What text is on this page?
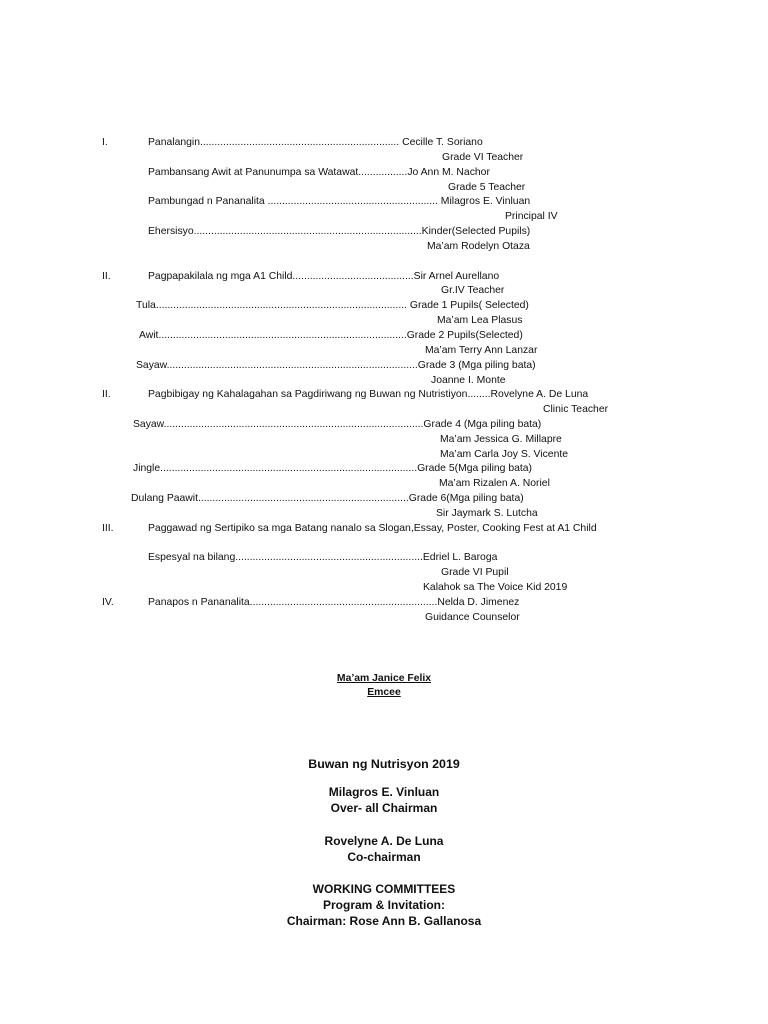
I.	Panalangin..................................................................... Cecille T. Soriano
Grade VI Teacher
Pambansang Awit at Panunumpa sa Watawat.................Jo Ann M. Nachor
Grade 5 Teacher
Pambungad n Pananalita ........................................................... Milagros E. Vinluan
Principal IV
Ehersisyo...............................................................................Kinder(Selected Pupils)
Ma’am Rodelyn Otaza
II.	Pagpapakilala ng mga A1 Child..........................................Sir Arnel Aurellano
Gr.IV Teacher
Tula....................................................................................... Grade 1 Pupils( Selected)
Ma’am Lea Plasus
Awit......................................................................................Grade 2 Pupils(Selected)
Ma’am Terry Ann Lanzar
Sayaw.......................................................................................Grade 3 (Mga piling bata)
Joanne I. Monte
II.	Pagbibigay ng Kahalagahan sa Pagdiriwang ng Buwan ng Nutristiyon........Rovelyne A. De Luna
Clinic Teacher
Sayaw..........................................................................................Grade 4 (Mga piling bata)
Ma’am Jessica G. Millapre
Ma’am Carla Joy S. Vicente
Jingle.........................................................................................Grade 5(Mga piling bata)
Ma’am Rizalen A. Noriel
Dulang Paawit.........................................................................Grade 6(Mga piling bata)
Sir Jaymark S. Lutcha
III.	Paggawad ng Sertipiko sa mga Batang nanalo sa Slogan,Essay, Poster, Cooking Fest at A1 Child
Espesyal na bilang.................................................................Edriel L. Baroga
Grade VI Pupil
Kalahok sa The Voice Kid 2019
IV.	Panapos n Pananalita.................................................................Nelda D. Jimenez
Guidance Counselor
Ma’am Janice Felix
Emcee
Buwan ng Nutrisyon 2019
Milagros E. Vinluan
Over- all Chairman
Rovelyne A. De Luna
Co-chairman
WORKING COMMITTEES
Program & Invitation:
Chairman: Rose Ann B. Gallanosa
